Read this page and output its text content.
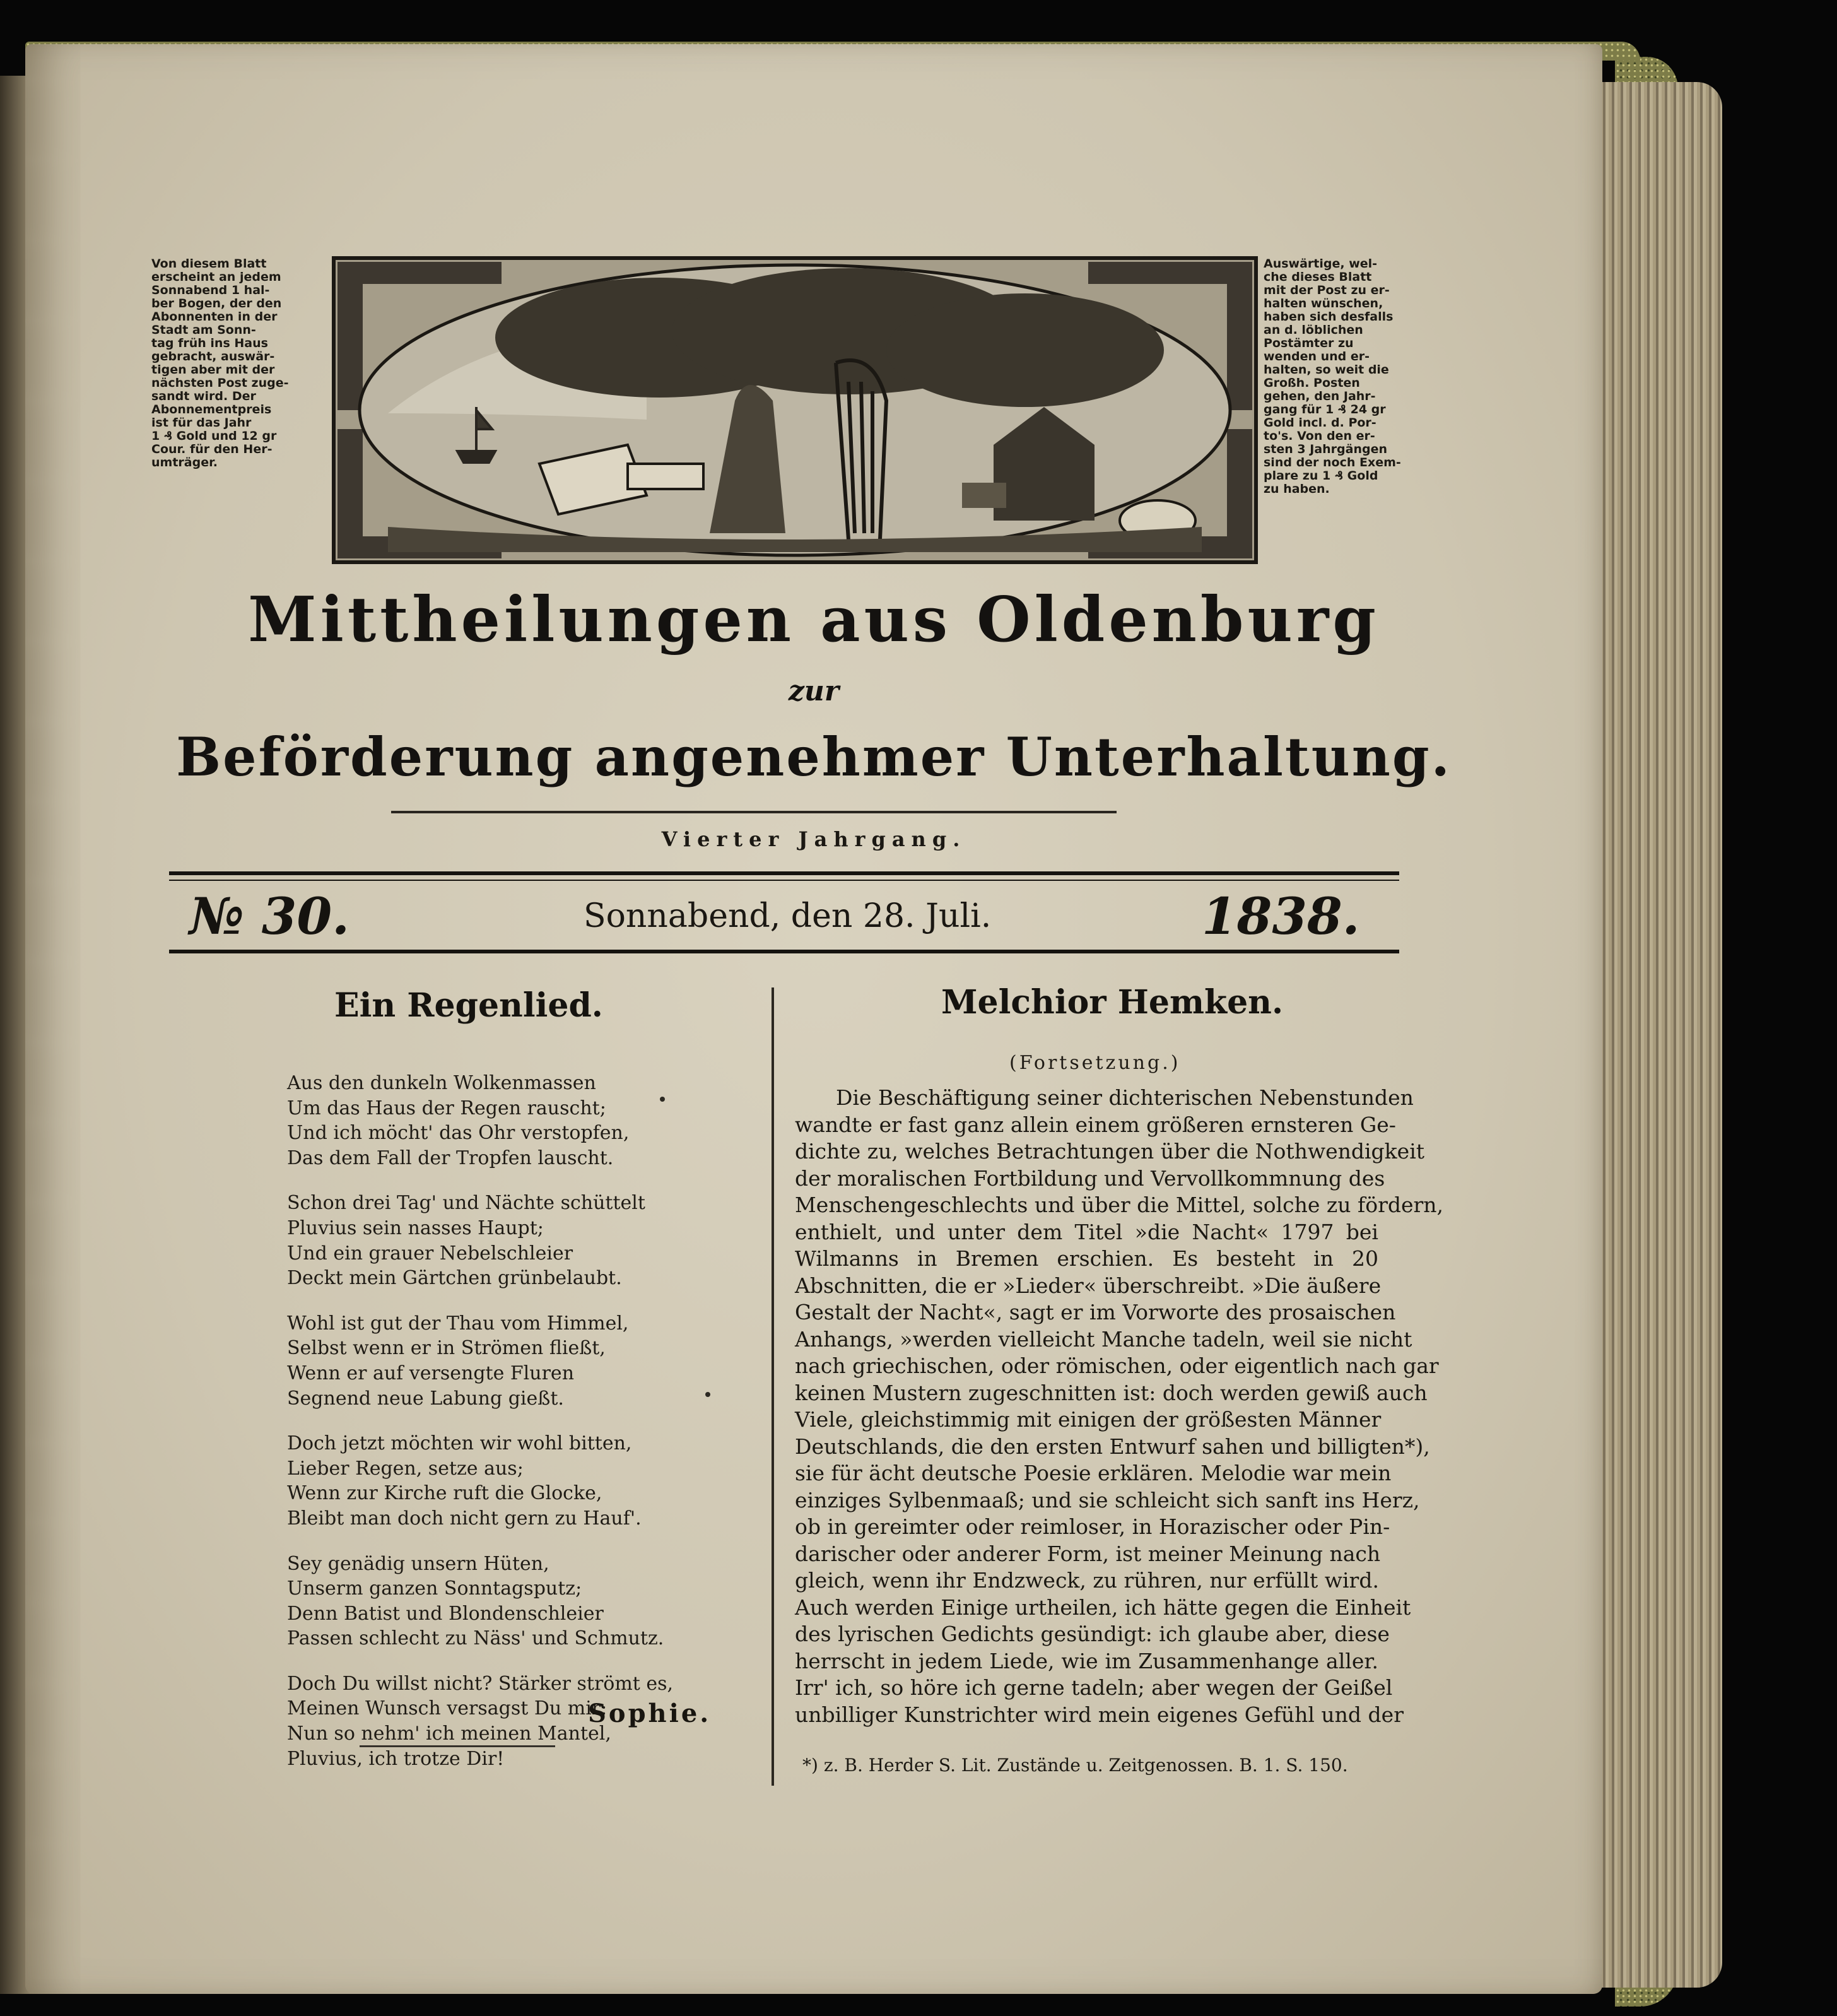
Von diesem Blatt
erscheint an jedem
Sonnabend 1 hal-
ber Bogen, der den
Abonnenten in der
Stadt am Sonn-
tag früh ins Haus
gebracht, auswär-
tigen aber mit der
nächsten Post zuge-
sandt wird. Der
Abonnementpreis
ist für das Jahr
1 ₰ Gold und 12 gr
Cour. für den Her-
umträger.
Auswärtige, wel-
che dieses Blatt
mit der Post zu er-
halten wünschen,
haben sich desfalls
an d. löblichen
Postämter zu
wenden und er-
halten, so weit die
Großh. Posten
gehen, den Jahr-
gang für 1 ₰ 24 gr
Gold incl. d. Por-
to's. Von den er-
sten 3 Jahrgängen
sind der noch Exem-
plare zu 1 ₰ Gold
zu haben.
Mittheilungen aus Oldenburg
zur
Beförderung angenehmer Unterhaltung.
Vierter Jahrgang.
№ 30.	Sonnabend, den 28. Juli.	1838.
Ein Regenlied.
Aus den dunkeln Wolkenmassen
Um das Haus der Regen rauscht;
Und ich möcht' das Ohr verstopfen,
Das dem Fall der Tropfen lauscht.
Schon drei Tag' und Nächte schüttelt
Pluvius sein nasses Haupt;
Und ein grauer Nebelschleier
Deckt mein Gärtchen grünbelaubt.
Wohl ist gut der Thau vom Himmel,
Selbst wenn er in Strömen fließt,
Wenn er auf versengte Fluren
Segnend neue Labung gießt.
Doch jetzt möchten wir wohl bitten,
Lieber Regen, setze aus;
Wenn zur Kirche ruft die Glocke,
Bleibt man doch nicht gern zu Hauf'.
Sey genädig unsern Hüten,
Unserm ganzen Sonntagsputz;
Denn Batist und Blondenschleier
Passen schlecht zu Näss' und Schmutz.
Doch Du willst nicht? Stärker strömt es,
Meinen Wunsch versagst Du mir:
Nun so nehm' ich meinen Mantel,
Pluvius, ich trotze Dir!
Sophie.
Melchior Hemken.
(Fortsetzung.)
Die Beschäftigung seiner dichterischen Nebenstunden
wandte er fast ganz allein einem größeren ernsteren Ge-
dichte zu, welches Betrachtungen über die Nothwendigkeit
der moralischen Fortbildung und Vervollkommnung des
Menschengeschlechts und über die Mittel, solche zu fördern,
enthielt, und unter dem Titel »die Nacht« 1797 bei
Wilmanns in Bremen erschien. Es besteht in 20
Abschnitten, die er »Lieder« überschreibt. »Die äußere
Gestalt der Nacht«, sagt er im Vorworte des prosaischen
Anhangs, »werden vielleicht Manche tadeln, weil sie nicht
nach griechischen, oder römischen, oder eigentlich nach gar
keinen Mustern zugeschnitten ist: doch werden gewiß auch
Viele, gleichstimmig mit einigen der größesten Männer
Deutschlands, die den ersten Entwurf sahen und billigten*),
sie für ächt deutsche Poesie erklären. Melodie war mein
einziges Sylbenmaaß; und sie schleicht sich sanft ins Herz,
ob in gereimter oder reimloser, in Horazischer oder Pin-
darischer oder anderer Form, ist meiner Meinung nach
gleich, wenn ihr Endzweck, zu rühren, nur erfüllt wird.
Auch werden Einige urtheilen, ich hätte gegen die Einheit
des lyrischen Gedichts gesündigt: ich glaube aber, diese
herrscht in jedem Liede, wie im Zusammenhange aller.
Irr' ich, so höre ich gerne tadeln; aber wegen der Geißel
unbilliger Kunstrichter wird mein eigenes Gefühl und der
*) z. B. Herder S. Lit. Zustände u. Zeitgenossen. B. 1. S. 150.
